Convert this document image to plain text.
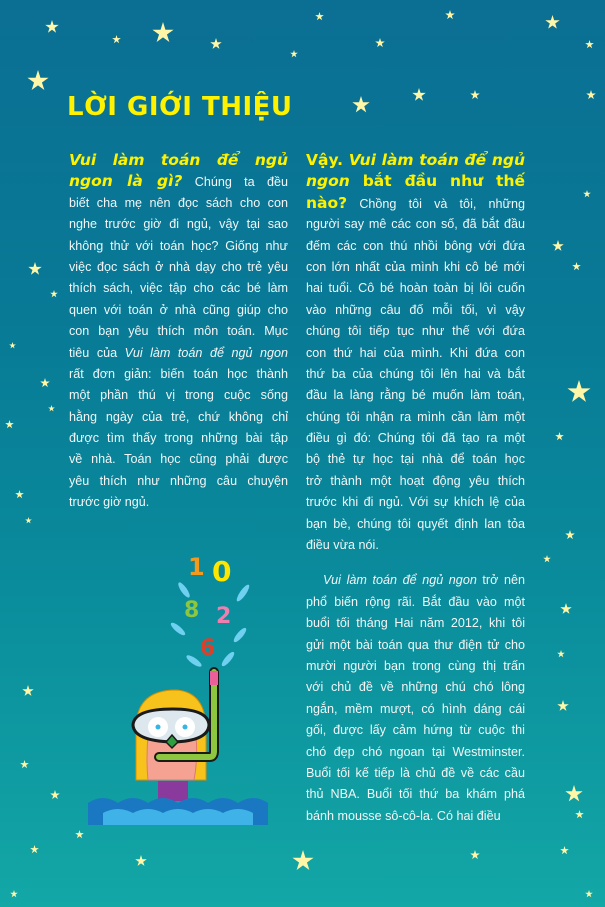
LỜI GIỚI THIỆU
Vui làm toán để ngủ
ngon là gì? Chúng ta đều
biết cha mẹ nên đọc sách cho con
nghe trước giờ đi ngủ, vậy tại sao
không thử với toán học? Giống như
việc đọc sách ở nhà dạy cho trẻ yêu
thích sách, việc tập cho các bé làm
quen với toán ở nhà cũng giúp cho
con bạn yêu thích môn toán. Mục
tiêu của Vui làm toán để ngủ ngon
rất đơn giản: biến toán học thành
một phần thú vị trong cuộc sống
hằng ngày của trẻ, chứ không chỉ
được tìm thấy trong những bài tập
về nhà. Toán học cũng phải được
yêu thích như những câu chuyện
trước giờ ngủ.
Vậy. Vui làm toán để ngủ
ngon bắt đầu như thế
nào? Chồng tôi và tôi, những
người say mê các con số, đã bắt đầu
đếm các con thú nhồi bông với đứa
con lớn nhất của mình khi cô bé mới
hai tuổi. Cô bé hoàn toàn bị lôi cuốn
vào những câu đố mỗi tối, vì vậy
chúng tôi tiếp tục như thế với đứa
con thứ hai của mình. Khi đứa con
thứ ba của chúng tôi lên hai và bắt
đầu la làng rằng bé muốn làm toán,
chúng tôi nhận ra mình cần làm một
điều gì đó: Chúng tôi đã tạo ra một
bộ thẻ tự học tại nhà để toán học
trở thành một hoạt động yêu thích
trước khi đi ngủ. Với sự khích lệ của
bạn bè, chúng tôi quyết định lan tỏa
điều vừa nói.
Vui làm toán để ngủ ngon trở nên
phổ biến rộng rãi. Bắt đầu vào một
buổi tối tháng Hai năm 2012, khi tôi
gửi một bài toán qua thư điện tử cho
mười người bạn trong cùng thị trấn
với chủ đề về những chú chó lông
ngắn, mềm mượt, có hình dáng cái
gối, được lấy cảm hứng từ cuộc thi
chó đẹp chó ngoan tại Westminster.
Buổi tối kế tiếp là chủ đề về các cầu
thủ NBA. Buổi tối thứ ba khám phá
bánh mousse sô-cô-la. Có hai điều
1 0
8 2
6
